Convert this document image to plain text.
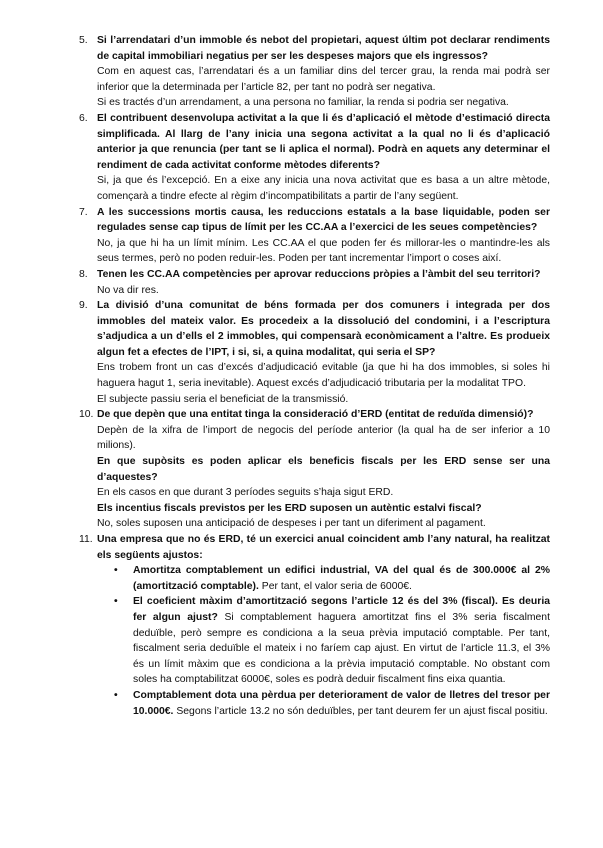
5. Si l’arrendatari d’un immoble és nebot del propietari, aquest últim pot declarar rendiments de capital immobiliari negatius per ser les despeses majors que els ingressos?
Com en aquest cas, l’arrendatari és a un familiar dins del tercer grau, la renda mai podrà ser inferior que la determinada per l’article 82, per tant no podrà ser negativa.
Si es tractés d’un arrendament, a una persona no familiar, la renda si podria ser negativa.
6. El contribuent desenvolupa activitat a la que li és d’aplicació el mètode d’estimació directa simplificada. Al llarg de l’any inicia una segona activitat a la qual no li és d’aplicació anterior ja que renuncia (per tant se li aplica el normal). Podrà en aquets any determinar el rendiment de cada activitat conforme mètodes diferents?
Si, ja que és l’excepció. En a eixe any inicia una nova activitat que es basa a un altre mètode, començarà a tindre efecte al règim d’incompatibilitats a partir de l’any següent.
7. A les successions mortis causa, les reduccions estatals a la base liquidable, poden ser regulades sense cap tipus de límit per les CC.AA a l’exercici de les seues competències?
No, ja que hi ha un límit mínim. Les CC.AA el que poden fer és millorar-les o mantindre-les als seus termes, però no poden reduir-les. Poden per tant incrementar l’import o coses així.
8. Tenen les CC.AA competències per aprovar reduccions pròpies a l’àmbit del seu territori?
No va dir res.
9. La divisió d’una comunitat de béns formada per dos comuners i integrada per dos immobles del mateix valor. Es procedeix a la dissolució del condomini, i a l’escriptura s’adjudica a un d’ells el 2 immobles, qui compensarà econòmicament a l’altre. Es produeix algun fet a efectes de l’IPT, i si, si, a quina modalitat, qui seria el SP?
Ens trobem front un cas d’excés d’adjudicació evitable (ja que hi ha dos immobles, si soles hi haguera hagut 1, seria inevitable). Aquest excés d’adjudicació tributaria per la modalitat TPO.
El subjecte passiu seria el beneficiat de la transmissió.
10. De que depèn que una entitat tinga la consideració d’ERD (entitat de reduïda dimensió)?
Depèn de la xifra de l’import de negocis del període anterior (la qual ha de ser inferior a 10 milions).
En que supòsits es poden aplicar els beneficis fiscals per les ERD sense ser una d’aquestes?
En els casos en que durant 3 períodes seguits s’haja sigut ERD.
Els incentius fiscals previstos per les ERD suposen un autèntic estalvi fiscal?
No, soles suposen una anticipació de despeses i per tant un diferiment al pagament.
11. Una empresa que no és ERD, té un exercici anual coincident amb l’any natural, ha realitzat els següents ajustos:
• Amortitza comptablement un edifici industrial, VA del qual és de 300.000€ al 2% (amortització comptable). Per tant, el valor seria de 6000€.
• El coeficient màxim d’amortització segons l’article 12 és del 3% (fiscal). Es deuria fer algun ajust? Si comptablement haguera amortitzat fins el 3% seria fiscalment deduïble, però sempre es condiciona a la seua prèvia imputació comptable. Per tant, fiscalment seria deduïble el mateix i no faríem cap ajust. En virtut de l’article 11.3, el 3% és un límit màxim que es condiciona a la prèvia imputació comptable. No obstant com soles ha comptabilitzat 6000€, soles es podrà deduir fiscalment fins eixa quantia.
• Comptablement dota una pèrdua per deteriorament de valor de lletres del tresor per 10.000€. Segons l’article 13.2 no són deduïbles, per tant deurem fer un ajust fiscal positiu.
